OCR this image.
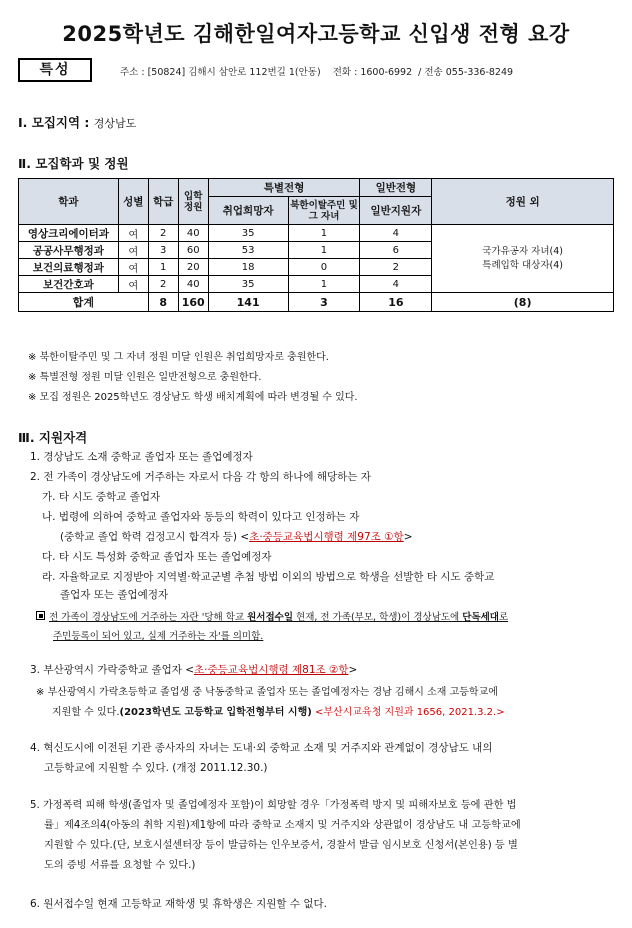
2025학년도 김해한일여자고등학교 신입생 전형 요강
특성	주소 : [50824] 김해시 삼안로 112번길 1(안동)    전화 : 1600-6992  / 전송 055-336-8249
Ⅰ. 모집지역 : 경상남도
Ⅱ. 모집학과 및 정원
학과	성별	학급	입학 정원	특별전형		일반전형	정원 외
				취업희망자	북한이탈주민 및 그 자녀	일반지원자	
영상크리에이터과	여	2	40	35	1	4	국가유공자 자녀(4)
특례입학 대상자(4)

공공사무행정과	여	3	60	53	1	6	
보건의료행정과	여	1	20	18	0	2	
보건간호과	여	2	40	35	1	4	
합계		8	160	141	3	16	(8)
※ 북한이탈주민 및 그 자녀 정원 미달 인원은 취업희망자로 충원한다.
※ 특별전형 정원 미달 인원은 일반전형으로 충원한다.
※ 모집 정원은 2025학년도 경상남도 학생 배치계획에 따라 변경될 수 있다.
Ⅲ. 지원자격
1. 경상남도 소재 중학교 졸업자 또는 졸업예정자
2. 전 가족이 경상남도에 거주하는 자로서 다음 각 항의 하나에 해당하는 자
가. 타 시도 중학교 졸업자
나. 법령에 의하여 중학교 졸업자와 동등의 학력이 있다고 인정하는 자
(중학교 졸업 학력 검정고시 합격자 등) <초·중등교육법시행령 제97조 ①항>
다. 타 시도 특성화 중학교 졸업자 또는 졸업예정자
라. 자율학교로 지정받아 지역별·학교군별 추첨 방법 이외의 방법으로 학생을 선발한 타 시도 중학교
졸업자 또는 졸업예정자
전 가족이 경상남도에 거주하는 자란 '당해 학교 원서접수일 현재, 전 가족(부모, 학생)이 경상남도에 단독세대로
주민등록이 되어 있고, 실제 거주하는 자'를 의미함.
3. 부산광역시 가락중학교 졸업자 <초·중등교육법시행령 제81조 ②항>
※ 부산광역시 가락초등학교 졸업생 중 낙동중학교 졸업자 또는 졸업예정자는 경남 김해시 소재 고등학교에
지원할 수 있다.(2023학년도 고등학교 입학전형부터 시행) <부산시교육청 지원과 1656, 2021.3.2.>
4. 혁신도시에 이전된 기관 종사자의 자녀는 도내·외 중학교 소재 및 거주지와 관계없이 경상남도 내의
고등학교에 지원할 수 있다. (개정 2011.12.30.)
5. 가정폭력 피해 학생(졸업자 및 졸업예정자 포함)이 희망할 경우「가정폭력 방지 및 피해자보호 등에 관한 법
률」제4조의4(아동의 취학 지원)제1항에 따라 중학교 소재지 및 거주지와 상관없이 경상남도 내 고등학교에
지원할 수 있다.(단, 보호시설센터장 등이 발급하는 인우보증서, 경찰서 발급 임시보호 신청서(본인용) 등 별
도의 증빙 서류를 요청할 수 있다.)
6. 원서접수일 현재 고등학교 재학생 및 휴학생은 지원할 수 없다.
